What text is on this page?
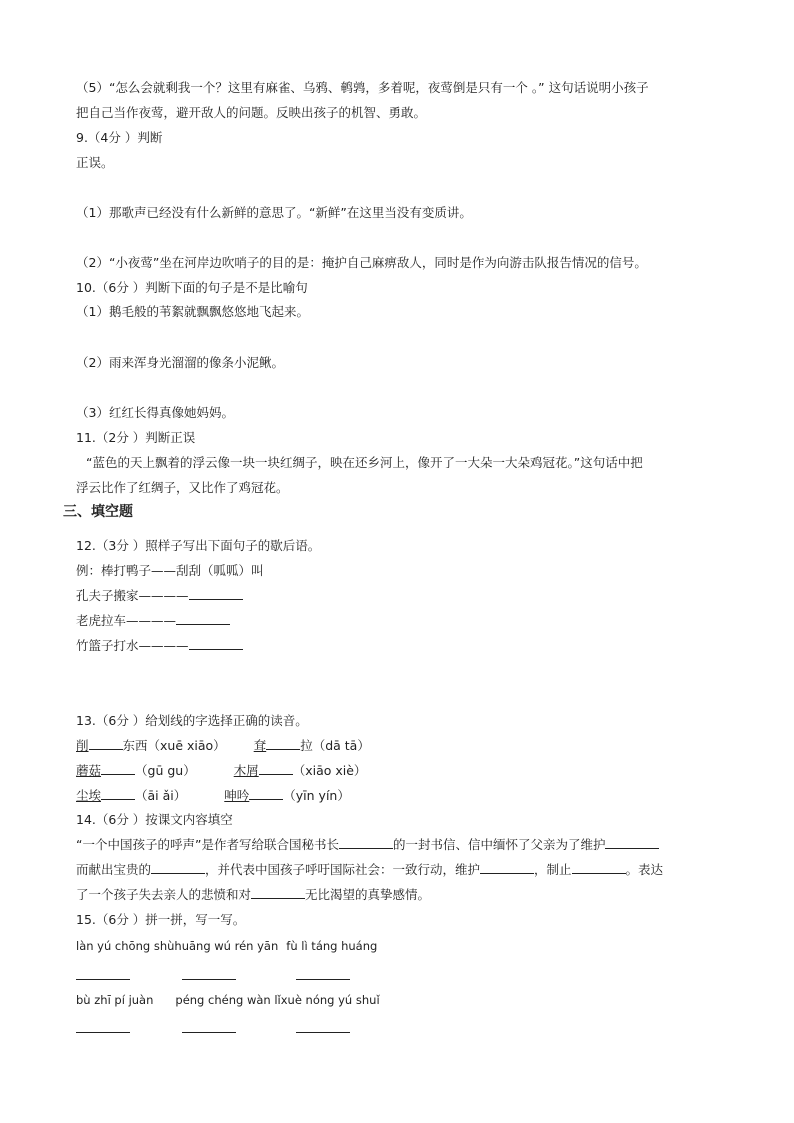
（5）“怎么会就剩我一个？这里有麻雀、乌鸦、鹌鹑，多着呢，夜莺倒是只有一个 。” 这句话说明小孩子
把自己当作夜莺，避开敌人的问题。反映出孩子的机智、勇敢。
9.（4分 ）判断
正误。
（1）那歌声已经没有什么新鲜的意思了。“新鲜”在这里当没有变质讲。
（2）“小夜莺”坐在河岸边吹哨子的目的是：掩护自己麻痹敌人，同时是作为向游击队报告情况的信号。
10.（6分 ）判断下面的句子是不是比喻句
（1）鹅毛般的苇絮就飘飘悠悠地飞起来。
（2）雨来浑身光溜溜的像条小泥鳅。
（3）红红长得真像她妈妈。
11.（2分 ）判断正误
“蓝色的天上飘着的浮云像一块一块红绸子，映在还乡河上，像开了一大朵一大朵鸡冠花。”这句话中把
浮云比作了红绸子，又比作了鸡冠花。
三、填空题
12.（3分 ）照样子写出下面句子的歇后语。
例：棒打鸭子——刮刮（呱呱）叫
孔夫子搬家————
老虎拉车————
竹篮子打水————
13.（6分 ）给划线的字选择正确的读音。
削	东西（xuē xiāo） 耷	拉（dā tā）
蘑菇	（gū gu）	木屑	（xiāo xiè）
尘埃	（āi ǎi）	呻吟	（yīn yín）
14.（6分 ）按课文内容填空
“一个中国孩子的呼声”是作者写给联合国秘书长	的一封书信、信中缅怀了父亲为了维护
而献出宝贵的	，并代表中国孩子呼吁国际社会：一致行动，维护	，制止	。表达
了一个孩子失去亲人的悲愤和对	无比渴望的真挚感情。
15.（6分 ）拼一拼，写一写。
làn yú chōng shùhuāng wú rén yān fù lì táng huáng
bù zhī pí juàn péng chéng wàn lǐxuè nóng yú shuǐ
